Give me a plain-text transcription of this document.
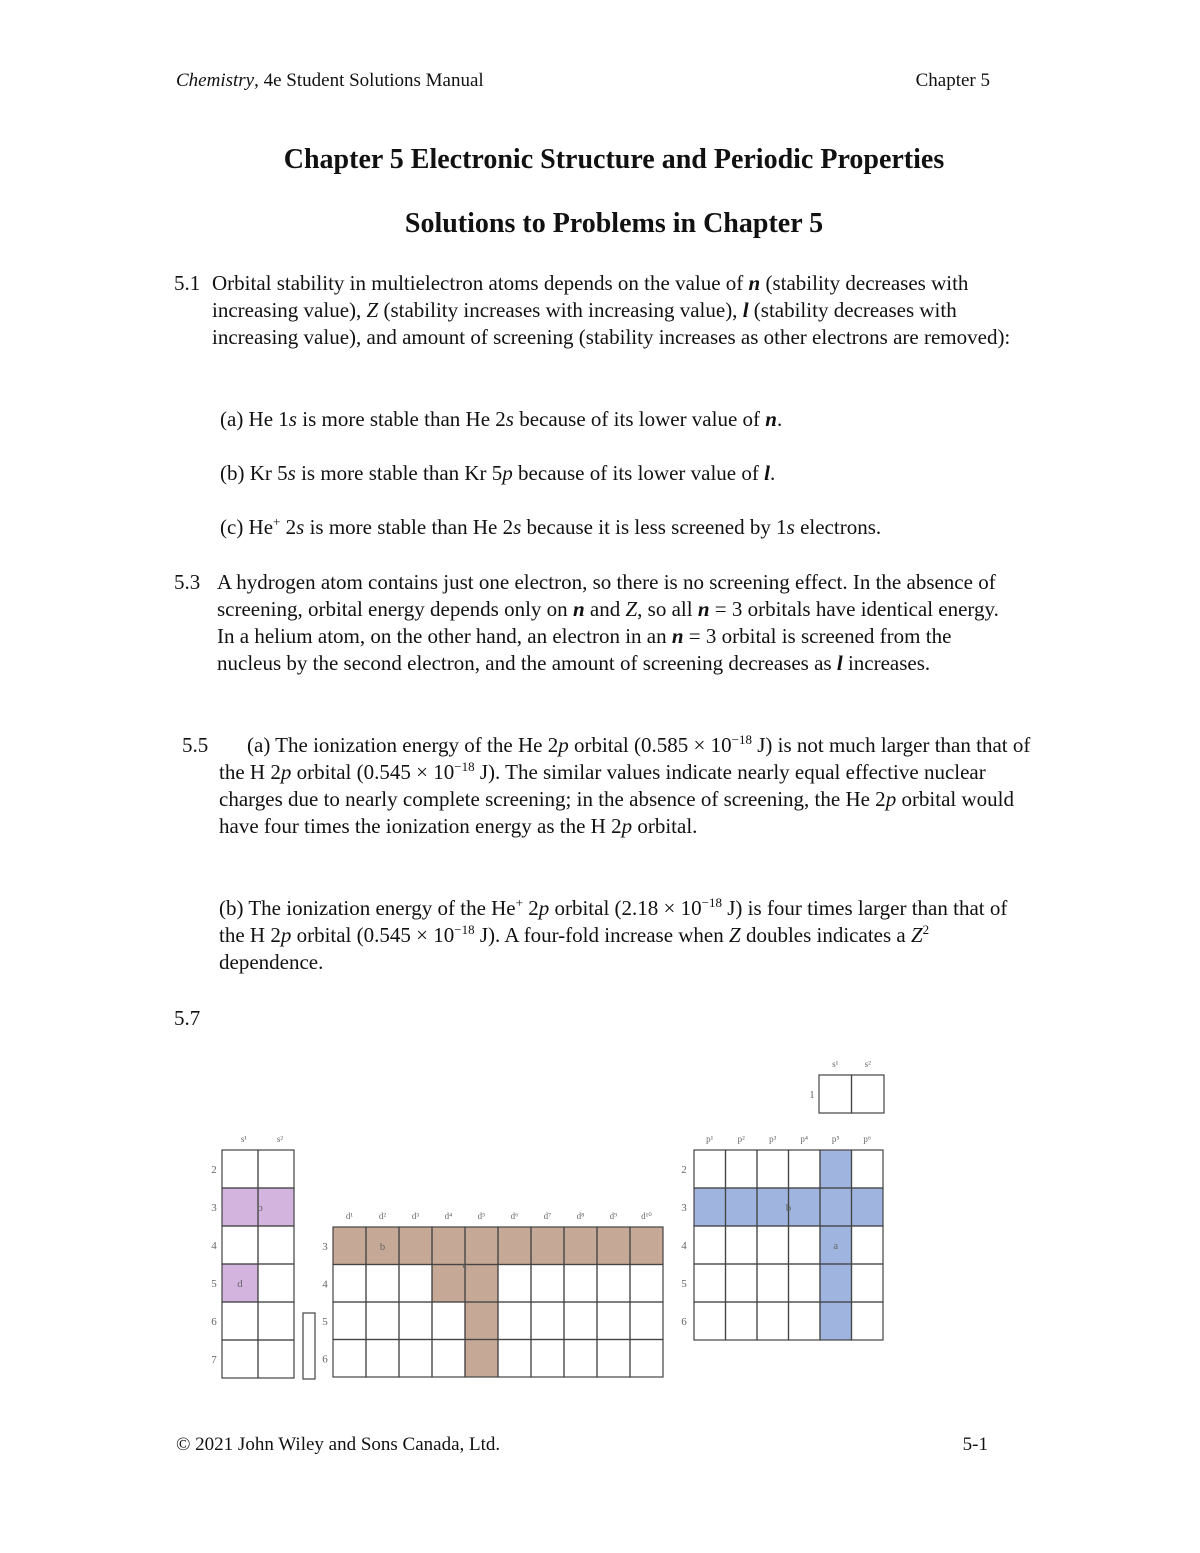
Chemistry, 4e Student Solutions Manual	Chapter 5
Chapter 5 Electronic Structure and Periodic Properties
Solutions to Problems in Chapter 5
5.1 Orbital stability in multielectron atoms depends on the value of n (stability decreases with increasing value), Z (stability increases with increasing value), l (stability decreases with increasing value), and amount of screening (stability increases as other electrons are removed):
(a) He 1s is more stable than He 2s because of its lower value of n.
(b) Kr 5s is more stable than Kr 5p because of its lower value of l.
(c) He+ 2s is more stable than He 2s because it is less screened by 1s electrons.
5.3 A hydrogen atom contains just one electron, so there is no screening effect. In the absence of screening, orbital energy depends only on n and Z, so all n = 3 orbitals have identical energy. In a helium atom, on the other hand, an electron in an n = 3 orbital is screened from the nucleus by the second electron, and the amount of screening decreases as l increases.
5.5	(a) The ionization energy of the He 2p orbital ($0.585 \times 10^{-18}$ J) is not much larger than that of the H 2p orbital ($0.545 \times 10^{-18}$ J). The similar values indicate nearly equal effective nuclear charges due to nearly complete screening; in the absence of screening, the He 2p orbital would have four times the ionization energy as the H 2p orbital.
(b) The ionization energy of the He+ 2p orbital ($2.18 \times 10^{-18}$ J) is four times larger than that of the H 2p orbital ($0.545 \times 10^{-18}$ J). A four-fold increase when Z doubles indicates a $Z^2$ dependence.
5.7
s¹	s²
2
3
4
5
6
7
b
d
d¹	d²	d³	d⁴	d⁵	d⁶	d⁷	d⁸	d⁹	d¹⁰
3
4
5
6
b
c
p¹	p²	p³	p⁴	p⁵	p⁶
2
3
4
5
6
b
a
s¹	s²
1
© 2021 John Wiley and Sons Canada, Ltd.	5-1
